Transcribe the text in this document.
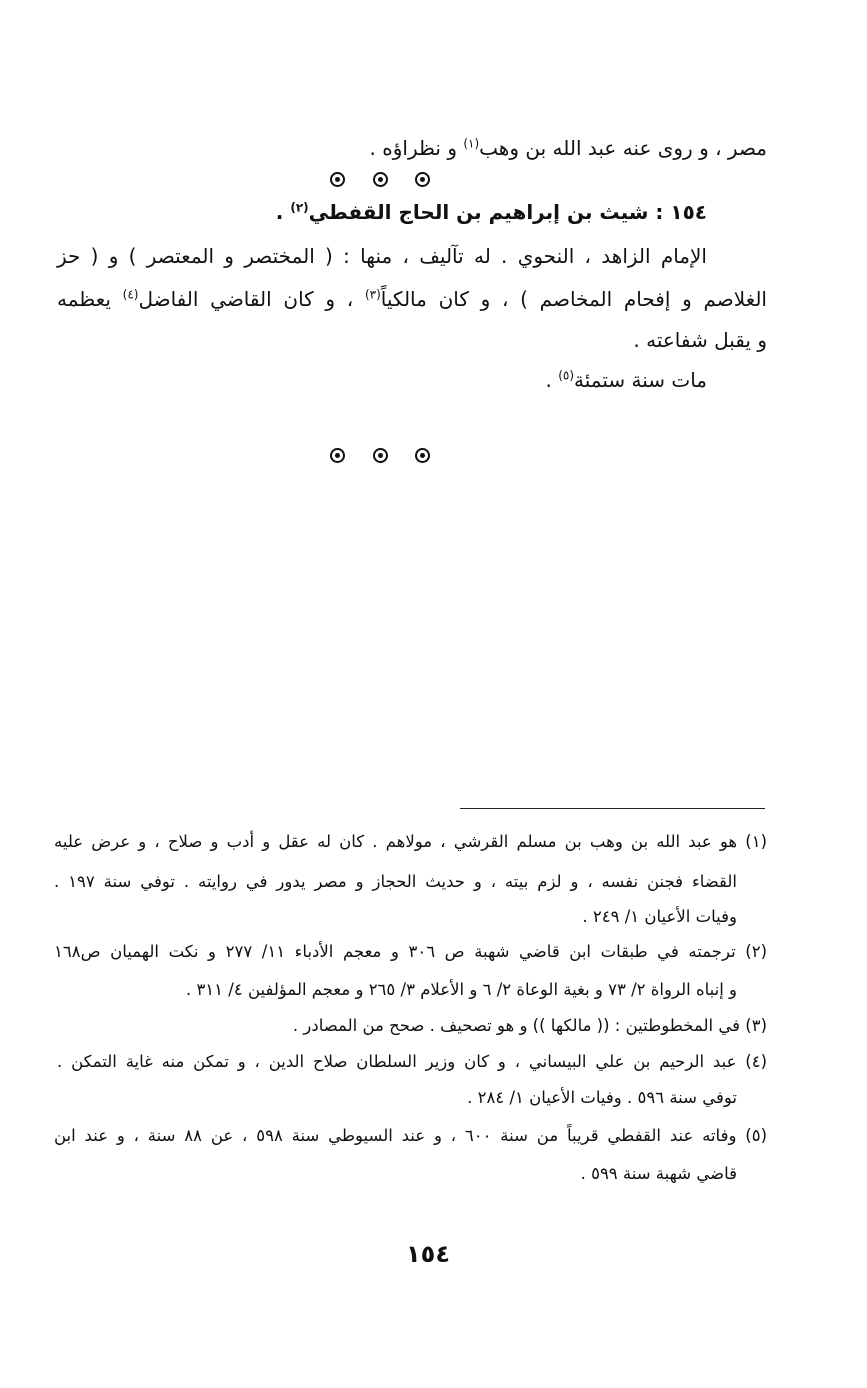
مصر ، و روى عنه عبد الله بن وهب$^{(١)}$ و نظراؤه .
١٥٤ : شيث بن إبراهيم بن الحاج القفطي$^{(٢)}$ .
الإمام الزاهد ، النحوي . له تآليف ، منها : ( المختصر و المعتصر ) و ( حز
الغلاصم و إفحام المخاصم ) ، و كان مالكياً$^{(٣)}$ ، و كان القاضي الفاضل$^{(٤)}$ يعظمه
و يقبل شفاعته .
مات سنة ستمئة$^{(٥)}$ .
(١) هو عبد الله بن وهب بن مسلم القرشي ، مولاهم . كان له عقل و أدب و صلاح ، و عرض عليه
القضاء فجنن نفسه ، و لزم بيته ، و حديث الحجاز و مصر يدور في روايته . توفي سنة ١٩٧ .
وفيات الأعيان ١/ ٢٤٩ .
(٢) ترجمته في طبقات ابن قاضي شهبة ص ٣٠٦ و معجم الأدباء ١١/ ٢٧٧ و نكت الهميان ص١٦٨
و إنباه الرواة ٢/ ٧٣ و بغية الوعاة ٢/ ٦ و الأعلام ٣/ ٢٦٥ و معجم المؤلفين ٤/ ٣١١ .
(٣) في المخطوطتين : (( مالكها )) و هو تصحيف . صحح من المصادر .
(٤) عبد الرحيم بن علي البيساني ، و كان وزير السلطان صلاح الدين ، و تمكن منه غاية التمكن .
توفي سنة ٥٩٦ . وفيات الأعيان ١/ ٢٨٤ .
(٥) وفاته عند القفطي قريباً من سنة ٦٠٠ ، و عند السيوطي سنة ٥٩٨ ، عن ٨٨ سنة ، و عند ابن
قاضي شهبة سنة ٥٩٩ .
١٥٤
